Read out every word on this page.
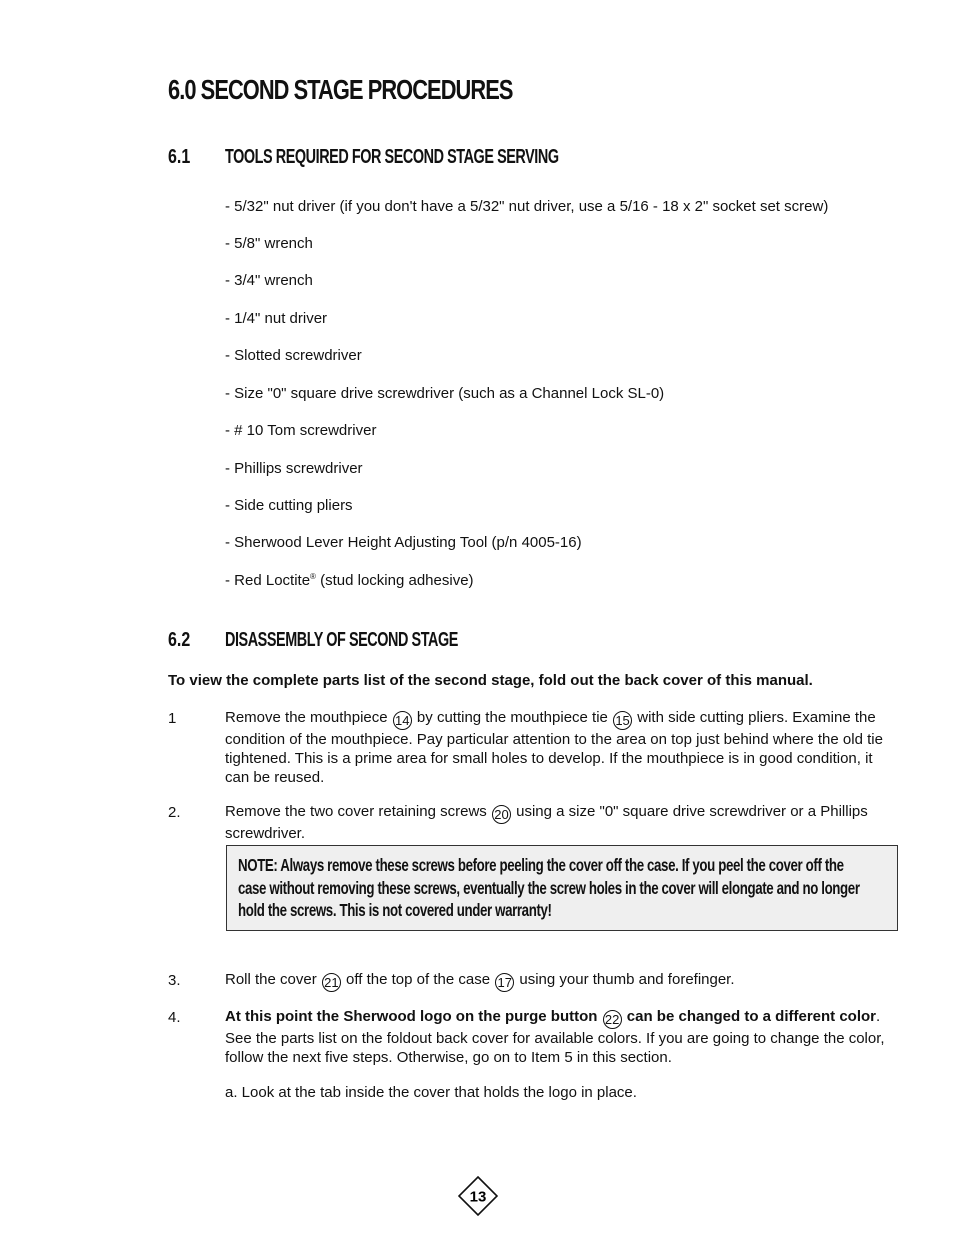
6.0 SECOND STAGE PROCEDURES
6.1 TOOLS REQUIRED FOR SECOND STAGE SERVING
- 5/32" nut driver (if you don't have a 5/32" nut driver, use a 5/16 - 18 x 2" socket set screw)
- 5/8" wrench
- 3/4" wrench
- 1/4" nut driver
- Slotted screwdriver
- Size "0" square drive screwdriver (such as a Channel Lock SL-0)
- # 10 Tom screwdriver
- Phillips screwdriver
- Side cutting pliers
- Sherwood Lever Height Adjusting Tool (p/n 4005-16)
- Red Loctite® (stud locking adhesive)
6.2 DISASSEMBLY OF SECOND STAGE
To view the complete parts list of the second stage, fold out the back cover of this manual.
1	Remove the mouthpiece 14 by cutting the mouthpiece tie 15 with side cutting pliers. Examine the condition of the mouthpiece. Pay particular attention to the area on top just behind where the old tie tightened. This is a prime area for small holes to develop. If the mouthpiece is in good condition, it can be reused.
2.	Remove the two cover retaining screws 20 using a size "0" square drive screwdriver or a Phillips screwdriver.
NOTE: Always remove these screws before peeling the cover off the case. If you peel the cover off the case without removing these screws, eventually the screw holes in the cover will elongate and no longer hold the screws. This is not covered under warranty!
3.	Roll the cover 21 off the top of the case 17 using your thumb and forefinger.
4.	At this point the Sherwood logo on the purge button 22 can be changed to a different color. See the parts list on the foldout back cover for available colors. If you are going to change the color, follow the next five steps. Otherwise, go on to Item 5 in this section.
a. Look at the tab inside the cover that holds the logo in place.
13
